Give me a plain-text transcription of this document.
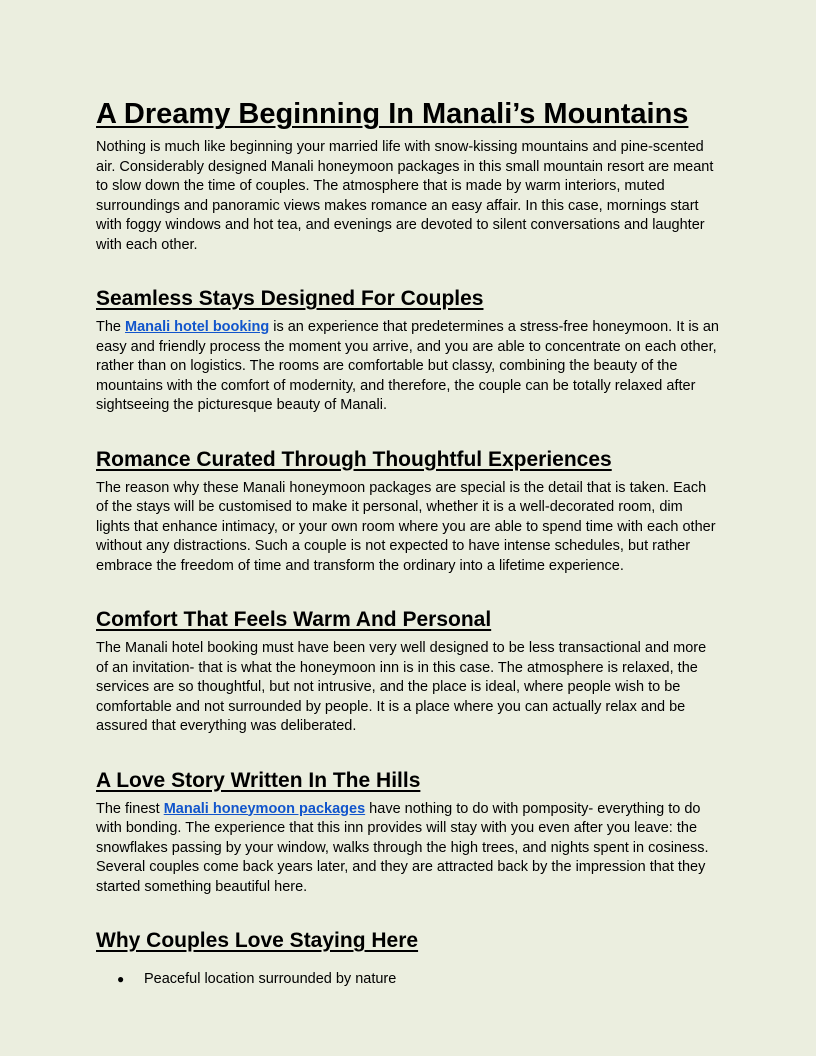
A Dreamy Beginning In Manali’s Mountains

Nothing is much like beginning your married life with snow-kissing mountains and pine-scented air. Considerably designed Manali honeymoon packages in this small mountain resort are meant to slow down the time of couples. The atmosphere that is made by warm interiors, muted surroundings and panoramic views makes romance an easy affair. In this case, mornings start with foggy windows and hot tea, and evenings are devoted to silent conversations and laughter with each other.

Seamless Stays Designed For Couples

The Manali hotel booking is an experience that predetermines a stress-free honeymoon. It is an easy and friendly process the moment you arrive, and you are able to concentrate on each other, rather than on logistics. The rooms are comfortable but classy, combining the beauty of the mountains with the comfort of modernity, and therefore, the couple can be totally relaxed after sightseeing the picturesque beauty of Manali.

Romance Curated Through Thoughtful Experiences

The reason why these Manali honeymoon packages are special is the detail that is taken. Each of the stays will be customised to make it personal, whether it is a well-decorated room, dim lights that enhance intimacy, or your own room where you are able to spend time with each other without any distractions. Such a couple is not expected to have intense schedules, but rather embrace the freedom of time and transform the ordinary into a lifetime experience.

Comfort That Feels Warm And Personal

The Manali hotel booking must have been very well designed to be less transactional and more of an invitation- that is what the honeymoon inn is in this case. The atmosphere is relaxed, the services are so thoughtful, but not intrusive, and the place is ideal, where people wish to be comfortable and not surrounded by people. It is a place where you can actually relax and be assured that everything was deliberated.

A Love Story Written In The Hills

The finest Manali honeymoon packages have nothing to do with pomposity- everything to do with bonding. The experience that this inn provides will stay with you even after you leave: the snowflakes passing by your window, walks through the high trees, and nights spent in cosiness. Several couples come back years later, and they are attracted back by the impression that they started something beautiful here.

Why Couples Love Staying Here
● Peaceful location surrounded by nature
